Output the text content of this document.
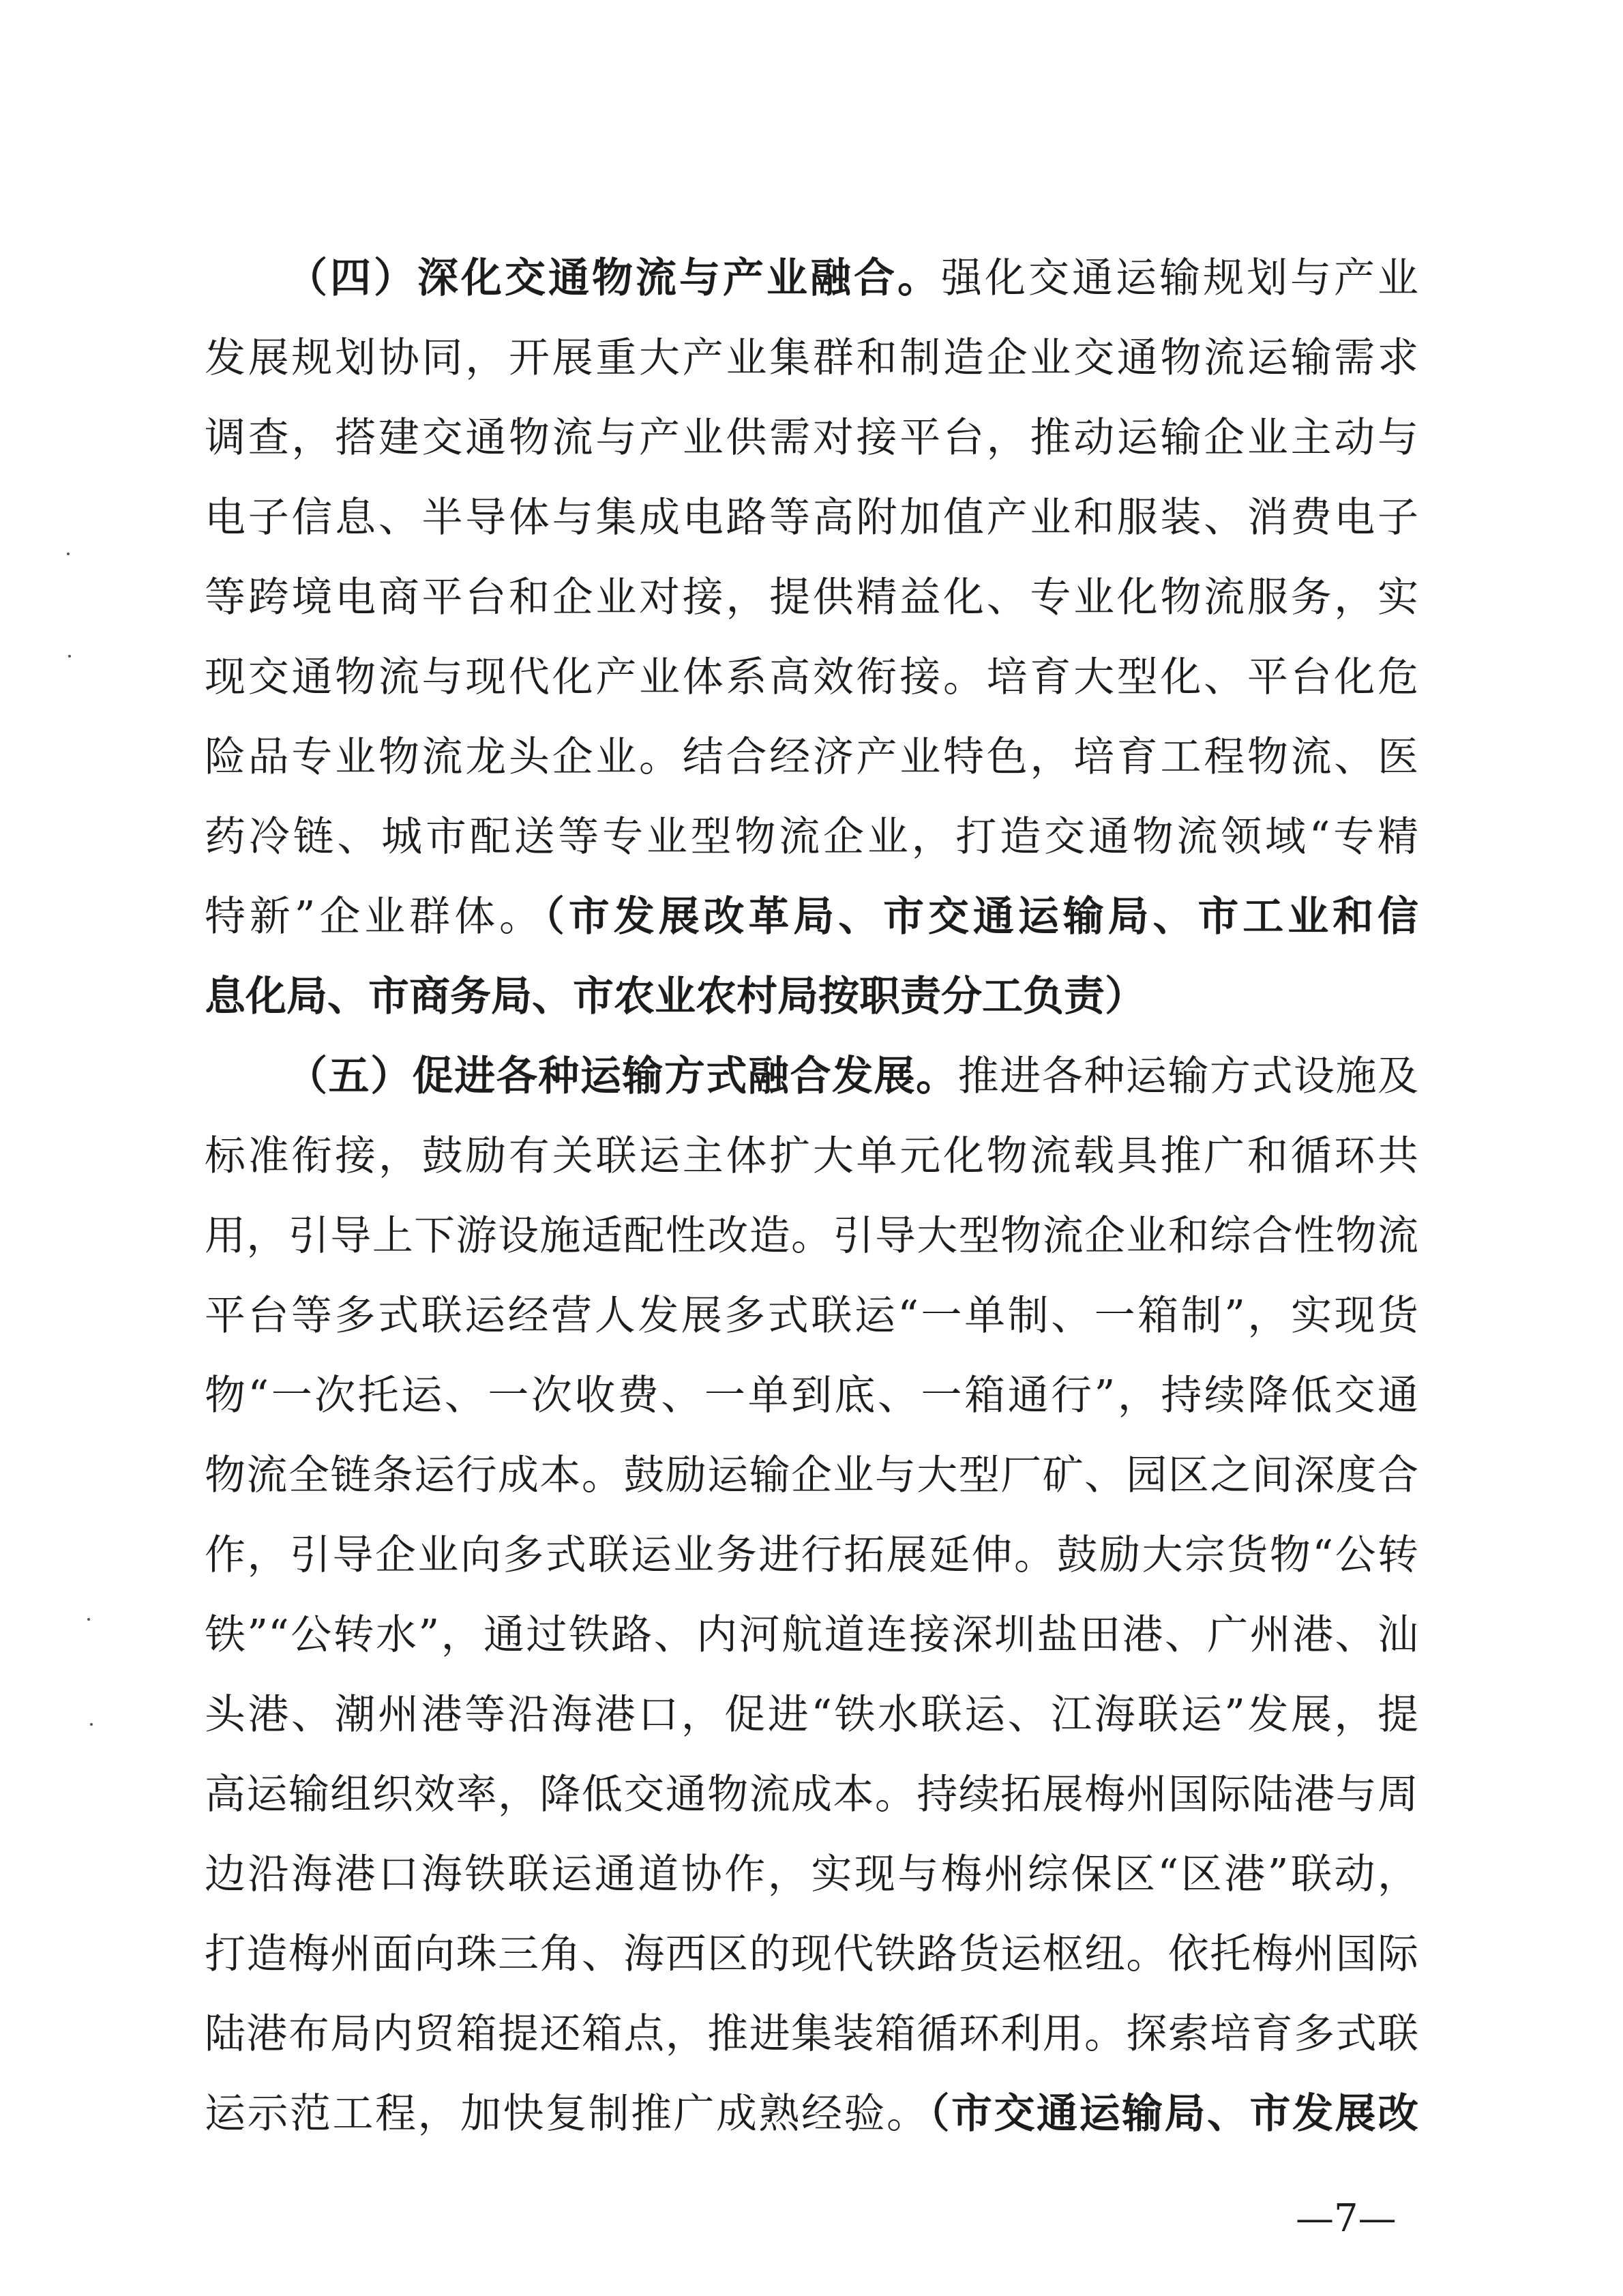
（四）深化交通物流与产业融合。强化交通运输规划与产业
发展规划协同，开展重大产业集群和制造企业交通物流运输需求
调查，搭建交通物流与产业供需对接平台，推动运输企业主动与
电子信息、半导体与集成电路等高附加值产业和服装、消费电子
等跨境电商平台和企业对接，提供精益化、专业化物流服务，实
现交通物流与现代化产业体系高效衔接。培育大型化、平台化危
险品专业物流龙头企业。结合经济产业特色，培育工程物流、医
药冷链、城市配送等专业型物流企业，打造交通物流领域“专精
特新”企业群体。（市发展改革局、市交通运输局、市工业和信
息化局、市商务局、市农业农村局按职责分工负责）
（五）促进各种运输方式融合发展。推进各种运输方式设施及
标准衔接，鼓励有关联运主体扩大单元化物流载具推广和循环共
用，引导上下游设施适配性改造。引导大型物流企业和综合性物流
平台等多式联运经营人发展多式联运“一单制、一箱制”，实现货
物“一次托运、一次收费、一单到底、一箱通行”，持续降低交通
物流全链条运行成本。鼓励运输企业与大型厂矿、园区之间深度合
作，引导企业向多式联运业务进行拓展延伸。鼓励大宗货物“公转
铁”“公转水”，通过铁路、内河航道连接深圳盐田港、广州港、汕
头港、潮州港等沿海港口，促进“铁水联运、江海联运”发展，提
高运输组织效率，降低交通物流成本。持续拓展梅州国际陆港与周
边沿海港口海铁联运通道协作，实现与梅州综保区“区港”联动，
打造梅州面向珠三角、海西区的现代铁路货运枢纽。依托梅州国际
陆港布局内贸箱提还箱点，推进集装箱循环利用。探索培育多式联
运示范工程，加快复制推广成熟经验。（市交通运输局、市发展改
—7—
